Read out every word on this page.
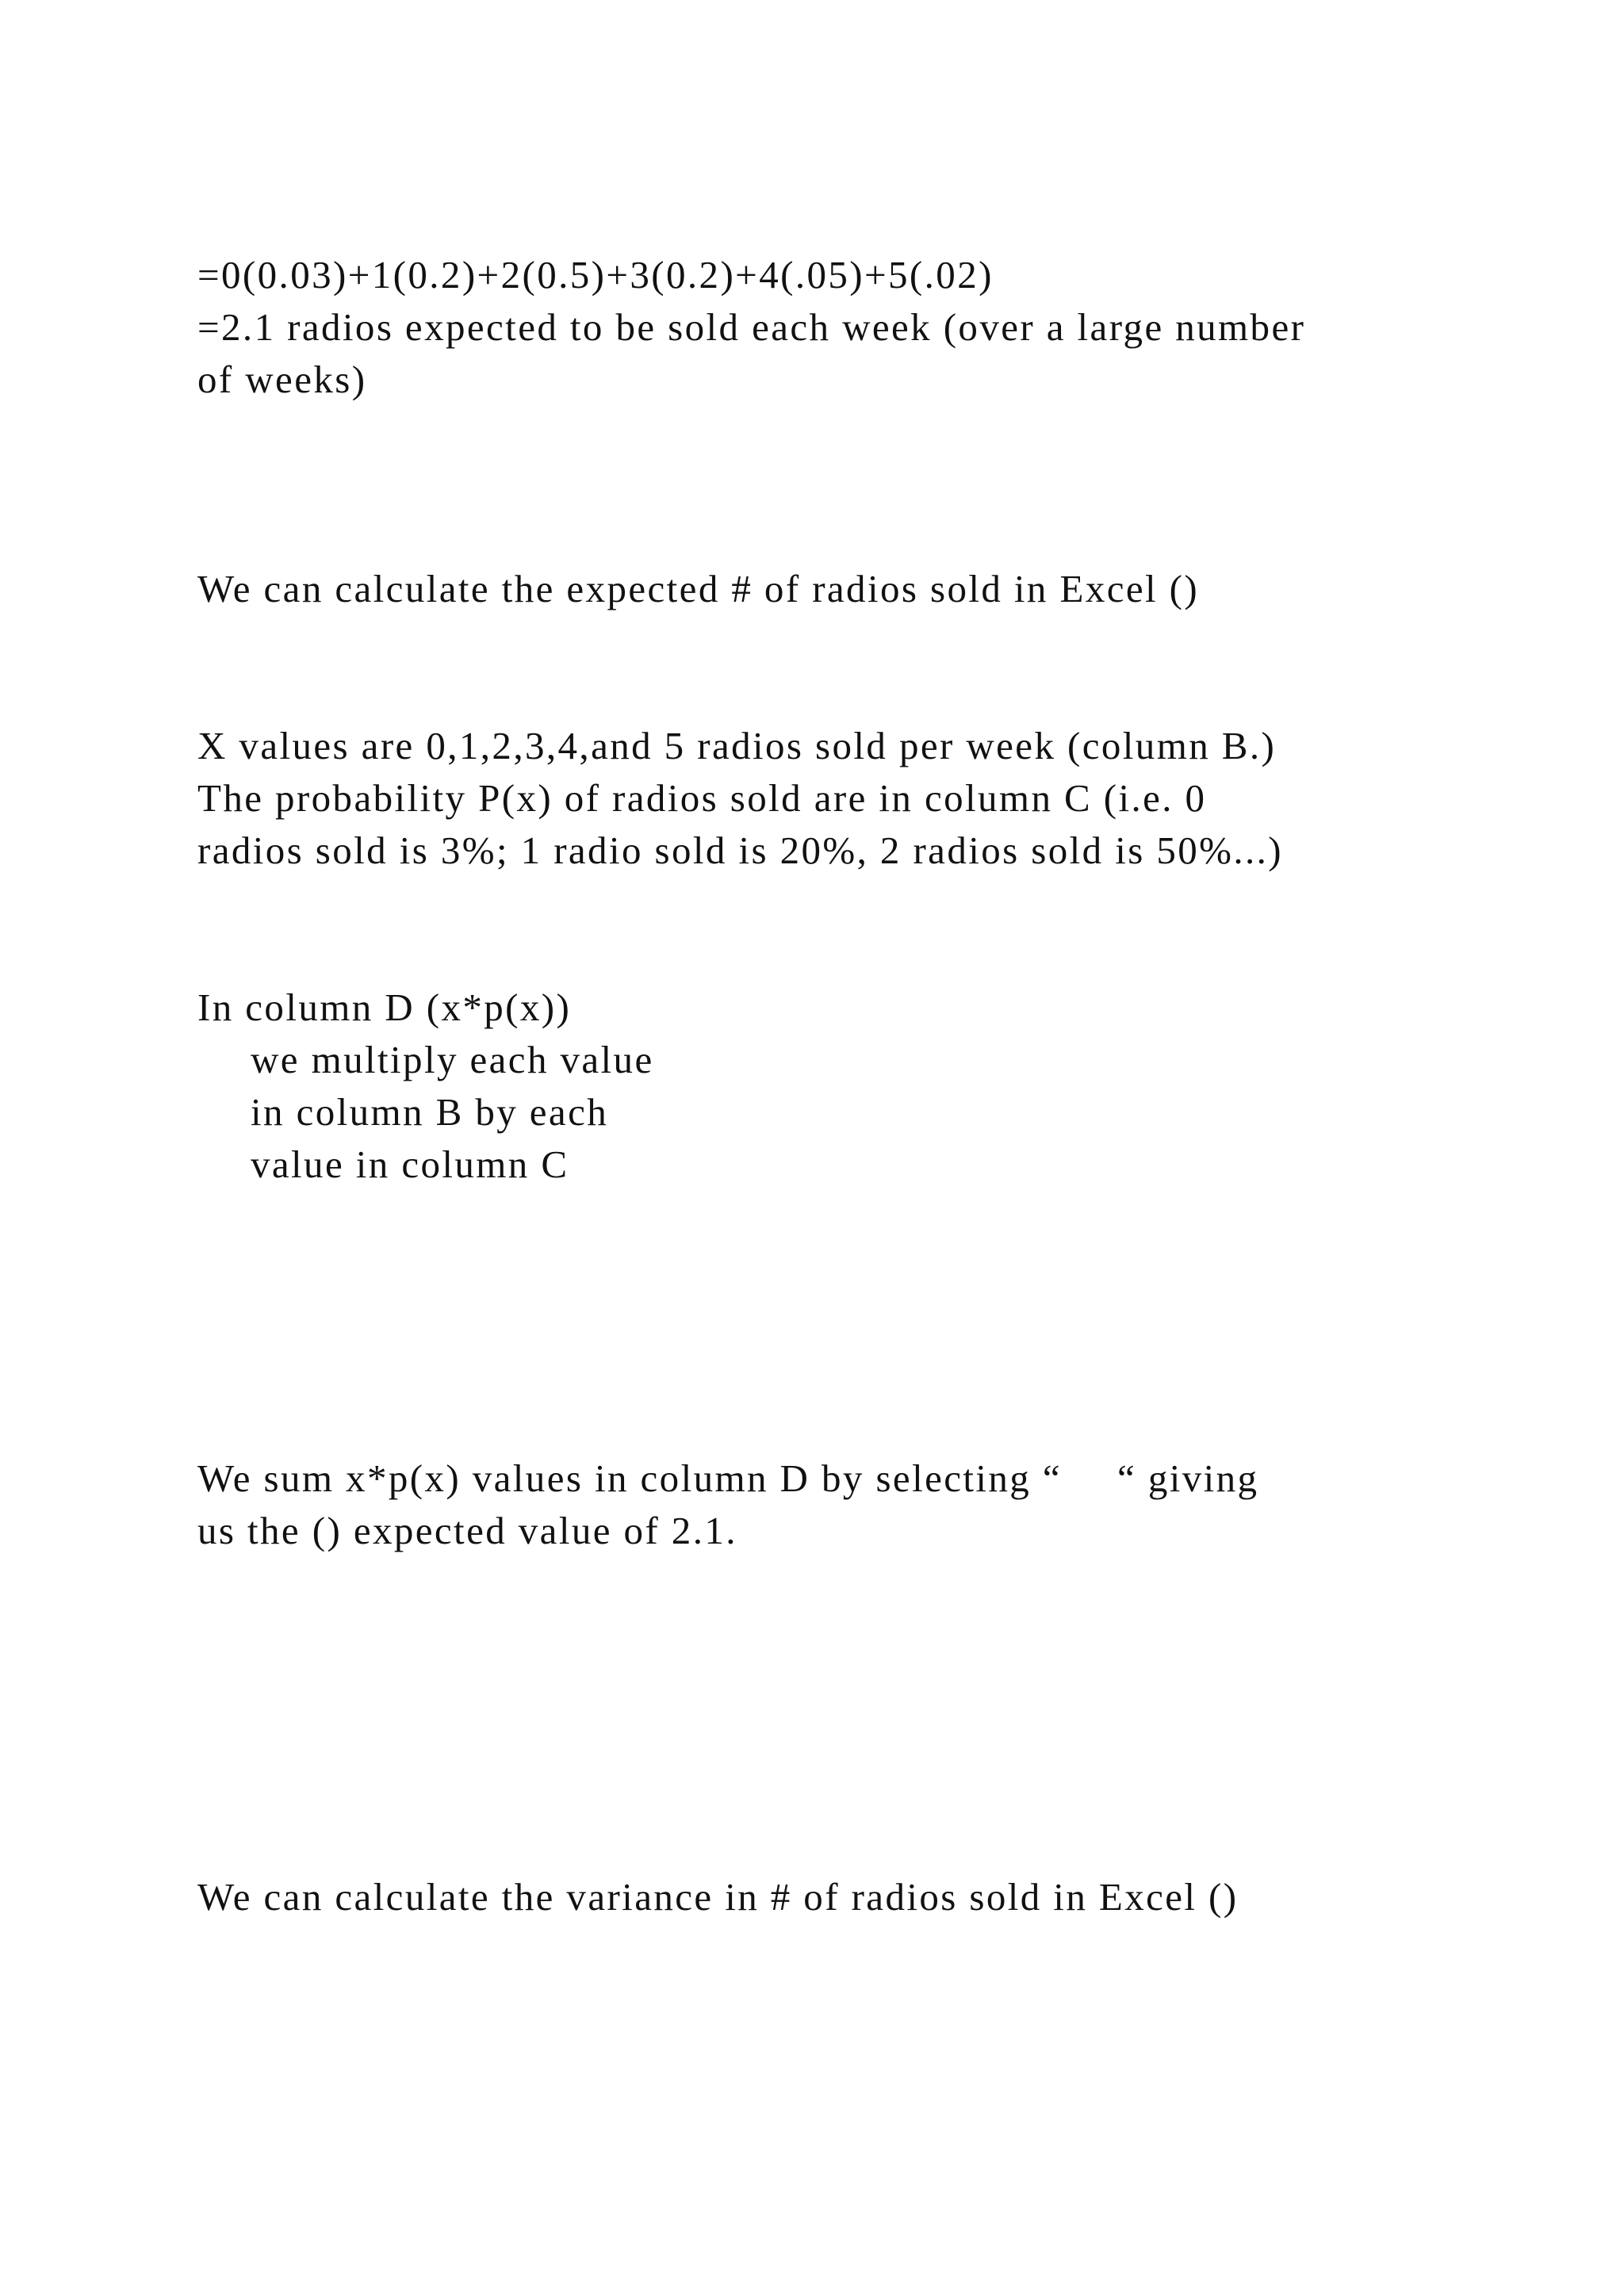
=0(0.03)+1(0.2)+2(0.5)+3(0.2)+4(.05)+5(.02)

=2.1 radios expected to be sold each week (over a large number

of weeks)

We can calculate the expected # of radios sold in Excel ()

X values are 0,1,2,3,4,and 5 radios sold per week (column B.)

The probability P(x) of radios sold are in column C (i.e. 0

radios sold is 3%; 1 radio sold is 20%, 2 radios sold is 50%...)

In column D (x*p(x))

we multiply each value

in column B by each

value in column C

We sum x*p(x) values in column D by selecting “ “ giving

us the () expected value of 2.1.

We can calculate the variance in # of radios sold in Excel ()
